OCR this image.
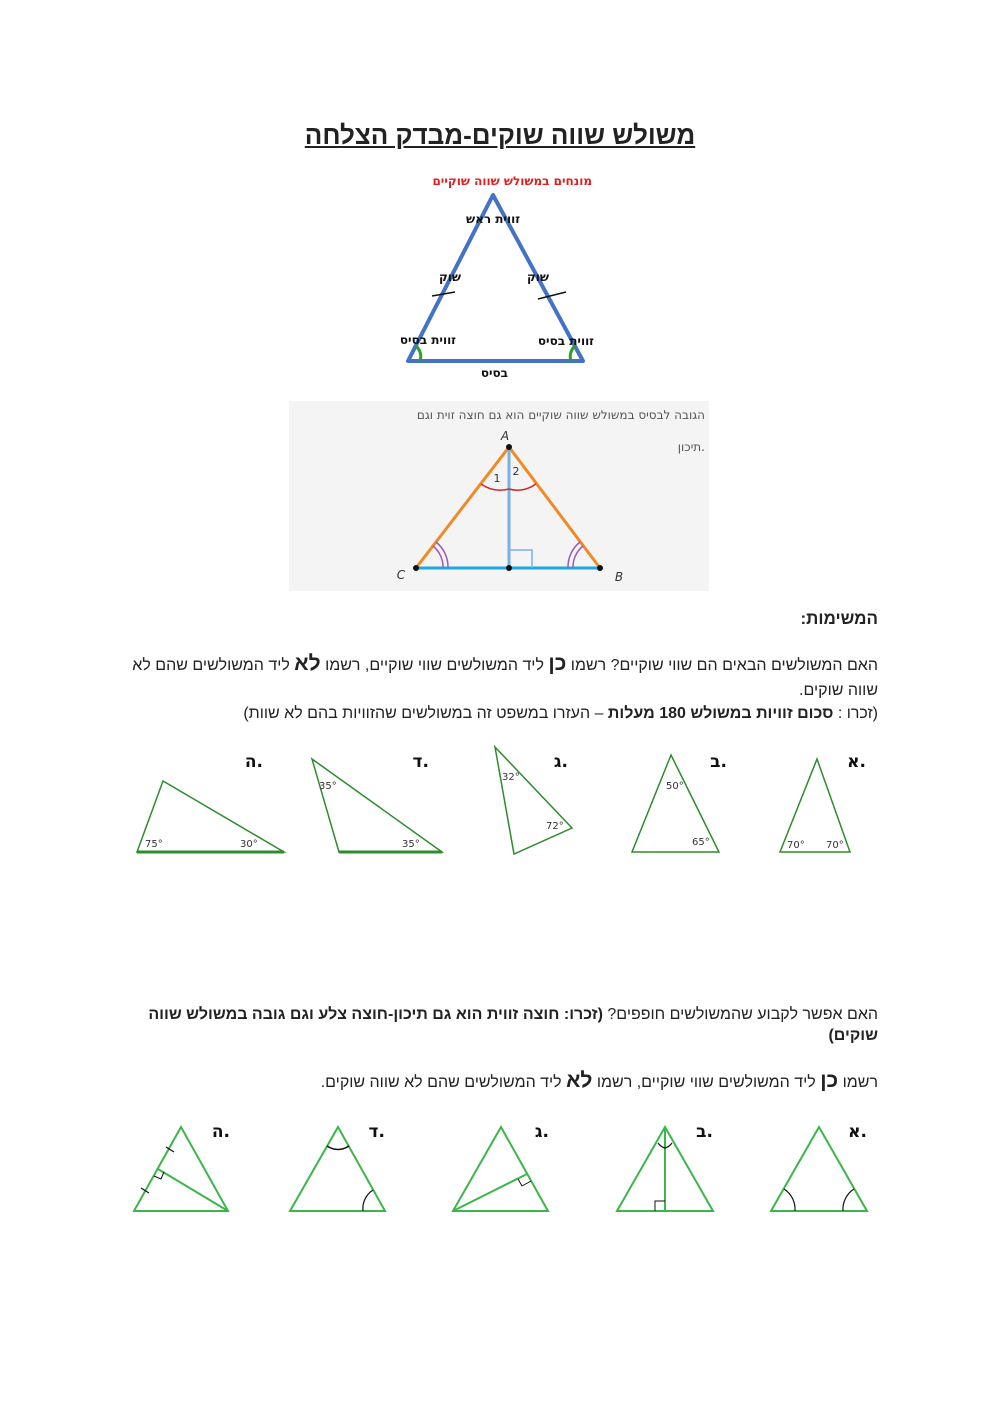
משולש שווה שוקים-מבדק הצלחה
מונחים במשולש שווה שוקיים
זווית ראש
שוק	שוק
זווית בסיס	זווית בסיס
בסיס
הגובה לבסיס במשולש שווה שוקיים הוא גם חוצה זוית וגם
תיכון.
A
C	B
1
2
המשימות:
האם המשולשים הבאים הם שווי שוקיים? רשמו כן ליד המשולשים שווי שוקיים, רשמו לא ליד המשולשים שהם לא שווה שוקים.
(זכרו : סכום זוויות במשולש 180 מעלות – העזרו במשפט זה במשולשים שהזוויות בהם לא שוות)
א.
70° 70°
ב.
50°
65°
ג.
32°
72°
ד.
35°
35°
ה.
75°	30°
האם אפשר לקבוע שהמשולשים חופפים? (זכרו: חוצה זווית הוא גם תיכון-חוצה צלע וגם גובה במשולש שווה שוקים)
רשמו כן ליד המשולשים שווי שוקיים, רשמו לא ליד המשולשים שהם לא שווה שוקים.
א.
ב.
ג.
ד.
ה.
